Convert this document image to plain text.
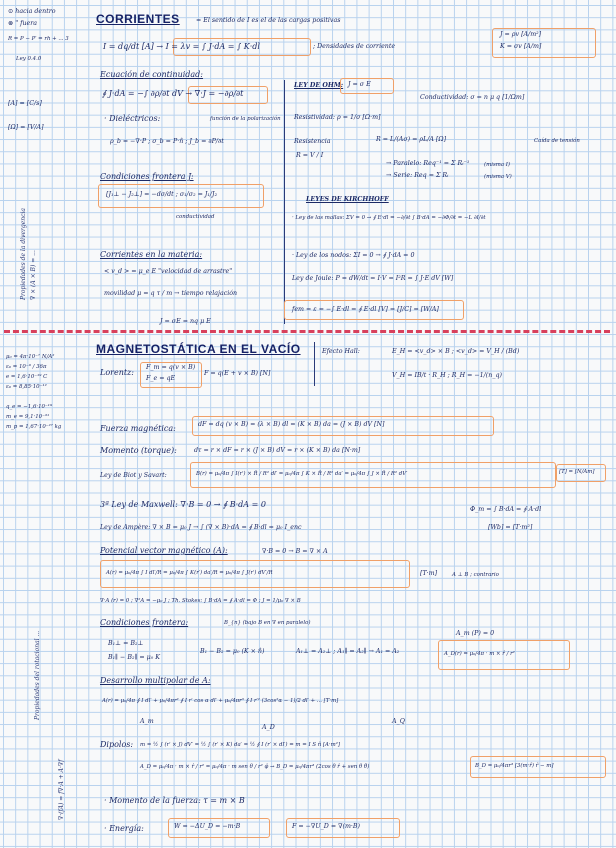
⊙ hacia dentro
⊗ " fuera
R = P − P′ = rh + ... 3
Ley 0.4.0
[A] = [C/s]
[Ω] = [V/A]
CORRIENTES	= El sentido de I es el de las cargas positivas
I = dq/dt [A] → I = λv = ∫ J·dA = ∫ K·dl	; Densidades de corriente
J = ρv [A/m²]
K = σv [A/m]
Ecuación de continuidad:
∮ J·dA = −∫ ∂ρ/∂t dV → ∇·J = −∂ρ/∂t
· Dieléctricos:
ρ_b = −∇·P ; σ_b = P·n̂ ; J_b = ∂P/∂t
función de la polarización
Condiciones frontera J:
[J₁⊥ − J₂⊥] = −dσ/dt ; σ₁/σ₂ = J₁/J₂
conductividad
Corrientes en la materia:
< v_d > = μ_e E "velocidad de arrastre"
movilidad μ = q τ / m → tiempo relajación
J = σE = nq μ E
LEY DE OHM: J = σ E
Conductividad: σ = n μ q [1/Ωm]
Resistividad: ρ = 1/σ [Ω·m]
Resistencia
R = V / I
R = L/(Aσ) = ρL/A [Ω]	Caída de tensión
→ Paralelo: Req⁻¹ = Σ Rᵢ⁻¹
→ Serie: Req = Σ Rᵢ
(misma I)
(misma V)
LEYES DE KIRCHHOFF
· Ley de las mallas: ΣV = 0 → ∮ E·dl = −∂/∂t ∫ B·dA = −∂Φ/∂t = −L ∂I/∂t
· Ley de los nodos: ΣI = 0 → ∮ J·dA = 0
Ley de Joule: P = dW/dt = I·V = I²R = ∫ J·E dV [W]
fem = ε = −∫ E·dl = ∮ E·dl [V] = [J/C] = [W/A]
μ₀ = 4π·10⁻⁷ N/A²
ε₀ = 10⁻⁹ / 36π
e = 1,6·10⁻¹⁹ C
ε₀ = 8,85·10⁻¹²
q_e = −1,6·10⁻¹⁹
m_e = 9,1·10⁻³¹
m_p = 1,67·10⁻²⁷ kg
MAGNETOSTÁTICA EN EL VACÍO	Efecto Hall:	E_H = <v_d> × B ; <v_d> = V_H / (Bd)
V_H = IB/t · R_H ; R_H = −1/(n_q)
Lorentz:
F_m = q(v × B)
F_e = qE
F = q(E + v × B) [N]
Fuerza magnética:	dF = dq (v × B) = (λ × B) dl = (K × B) da = (J × B) dV [N]
Momento (torque):	dτ = r × dF = r × (J × B) dV = r × (K × B) da [N·m]
Ley de Biot y Savart:	B(r) = μ₀/4π ∫ I(r′) × R̂ / R² dl′ = μ₀/4π ∫ K × R̂ / R² da′ = μ₀/4π ∫ J × R̂ / R² dV′	[T] = [N/Am]
3ª Ley de Maxwell: ∇·B = 0 → ∮ B·dA = 0
Φ_m = ∫ B·dA = ∮ A·dl
[Wb] = [T·m²]
Ley de Ampère: ∇ × B = μ₀ J → ∫ (∇ × B)·dA = ∮ B·dl = μ₀ I_enc
Potencial vector magnético (A):	∇·B = 0 → B = ∇ × A
A(r) = μ₀/4π ∫ I dl′/R = μ₀/4π ∫ K(r′) da′/R = μ₀/4π ∫ J(r′) dV′/R	[T·m]	A ⊥ B ; contrario
∇·A (r) = 0 ; ∇²A = −μ₀ J ; Th. Stokes: ∫ B·dA = ∮ A·dl = Φ ; J = 1/μ₀ ∇ × B
Condiciones frontera:	B_{n} (bajo B en ∇ en paralelo)
B₁⊥ = B₂⊥
B₁∥ − B₂∥ = μ₀ K
B₁ − B₂ = μ₀ (K × n̂)	A₁⊥ = A₂⊥ ; A₁∥ = A₂∥ → A₁ = A₂
A_m (P) = 0
A_D(r) = μ₀/4π · m × r̂ / r²
Desarrollo multipolar de A:
A(r) = μ₀/4π ∮ I dl′ + μ₀/4πr² ∮ I r′ cos α dl′ + μ₀/4πr³ ∮ I r′² (3cos²α − 1)/2 dl′ + ... [T·m]
A_m
A_D
A_Q
Dipolos: m = ½ ∫ (r′ × J) dV′ = ½ ∫ (r′ × K) da′ = ½ ∮ I (r′ × dl′) = m = I S n̂ [A·m²]
A_D = μ₀/4π · m × r̂ / r² = μ₀/4π · m sen θ / r² φ̂ → B_D = μ₀/4πr³ (2cos θ r̂ + sen θ θ̂)	B_D = μ₀/4πr³ [3(m·r̂) r̂ − m]
· Momento de la fuerza: τ = m × B
· Energía:	W = −ΔU_D = −m·B	F = −∇U_D = ∇(m·B)
Propiedades de la divergencia ∇ × (A × B) = ...
Propiedades del rotacional ...
∇·(fA) = f∇·A + A·∇f
